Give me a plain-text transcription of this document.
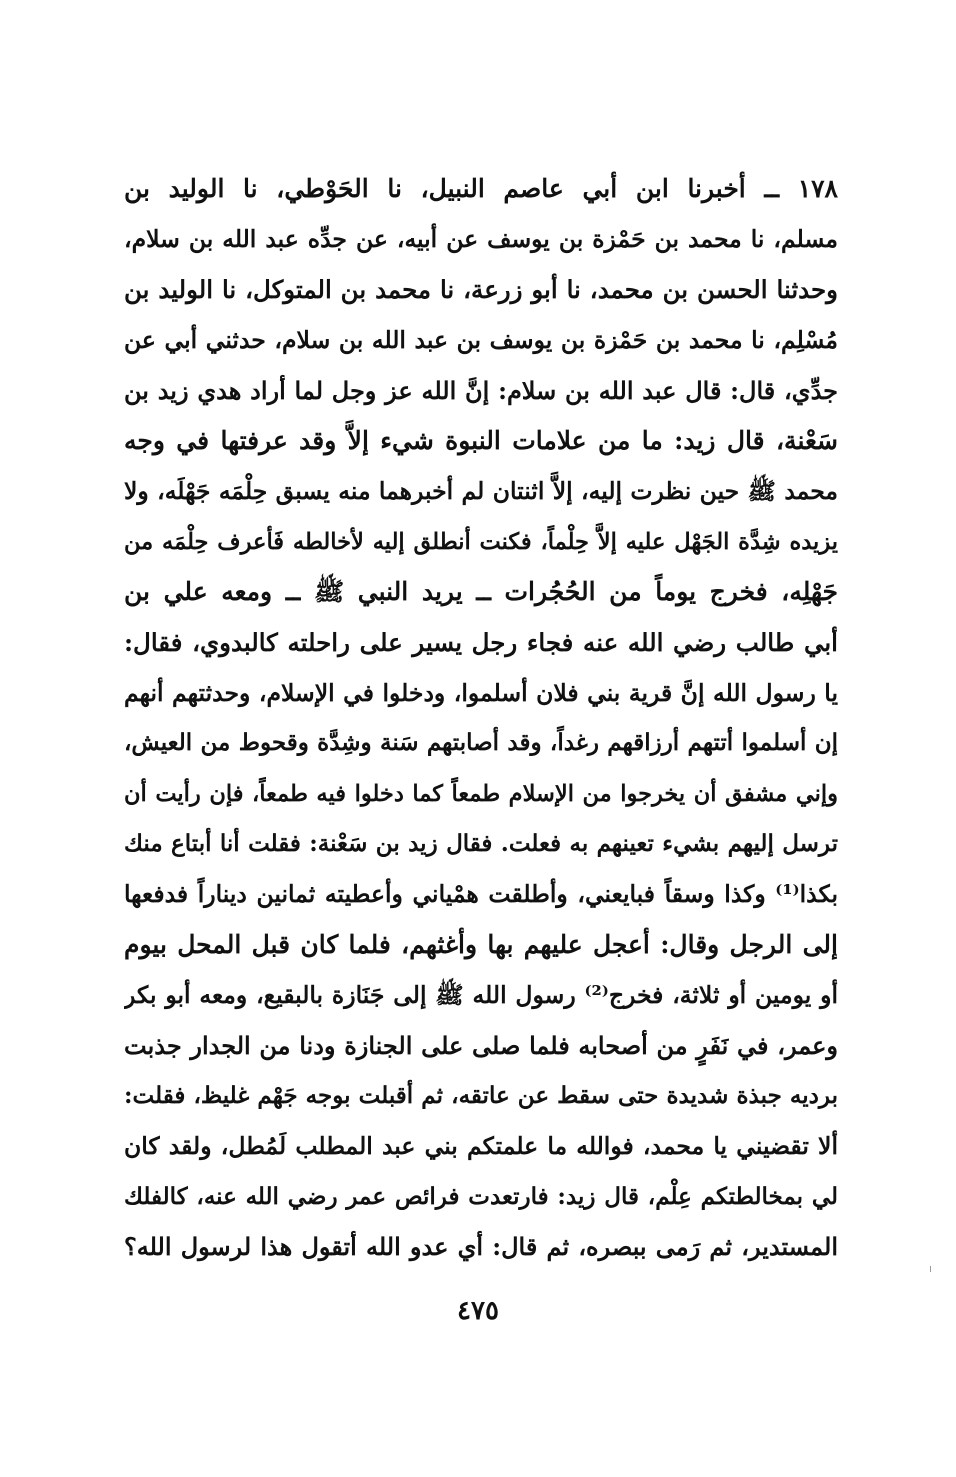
١٧٨ ــ أخبرنا ابن أبي عاصم النبيل، نا الحَوْطي، نا الوليد بن
مسلم، نا محمد بن حَمْزة بن يوسف عن أبيه، عن جدِّه عبد الله بن سلام،
وحدثنا الحسن بن محمد، نا أبو زرعة، نا محمد بن المتوكل، نا الوليد بن
مُسْلِم، نا محمد بن حَمْزة بن يوسف بن عبد الله بن سلام، حدثني أبي عن
جدِّي، قال: قال عبد الله بن سلام: إنَّ الله عز وجل لما أراد هدي زيد بن
سَعْنة، قال زيد: ما من علامات النبوة شيء إلاَّ وقد عرفتها في وجه
محمد ﷺ حين نظرت إليه، إلاَّ اثنتان لم أخبرهما منه يسبق حِلْمَه جَهْلَه، ولا
يزيده شِدَّة الجَهْل عليه إلاَّ حِلْماً، فكنت أنطلق إليه لأخالطه فَأعرف حِلْمَه من
جَهْلِه، فخرج يوماً من الحُجُرات ــ يريد النبي ﷺ ــ ومعه علي بن
أبي طالب رضي الله عنه فجاء رجل يسير على راحلته كالبدوي، فقال:
يا رسول الله إنَّ قرية بني فلان أسلموا، ودخلوا في الإسلام، وحدثتهم أنهم
إن أسلموا أتتهم أرزاقهم رغداً، وقد أصابتهم سَنة وشِدَّة وقحوط من العيش،
وإني مشفق أن يخرجوا من الإسلام طمعاً كما دخلوا فيه طمعاً، فإن رأيت أن
ترسل إليهم بشيء تعينهم به فعلت. فقال زيد بن سَعْنة: فقلت أنا أبتاع منك
بكذا⁽¹⁾ وكذا وسقاً فبايعني، وأطلقت همْياني وأعطيته ثمانين ديناراً فدفعها
إلى الرجل وقال: أعجل عليهم بها وأغثهم، فلما كان قبل المحل بيوم
أو يومين أو ثلاثة، فخرج⁽²⁾ رسول الله ﷺ إلى جَنَازة بالبقيع، ومعه أبو بكر
وعمر، في نَفَرٍ من أصحابه فلما صلى على الجنازة ودنا من الجدار جذبت
برديه جبذة شديدة حتى سقط عن عاتقه، ثم أقبلت بوجه جَهْم غليظ، فقلت:
ألا تقضيني يا محمد، فوالله ما علمتكم بني عبد المطلب لَمُطل، ولقد كان
لي بمخالطتكم عِلْم، قال زيد: فارتعدت فرائص عمر رضي الله عنه، كالفلك
المستدير، ثم رَمى ببصره، ثم قال: أي عدو الله أتقول هذا لرسول الله؟
٤٧٥
